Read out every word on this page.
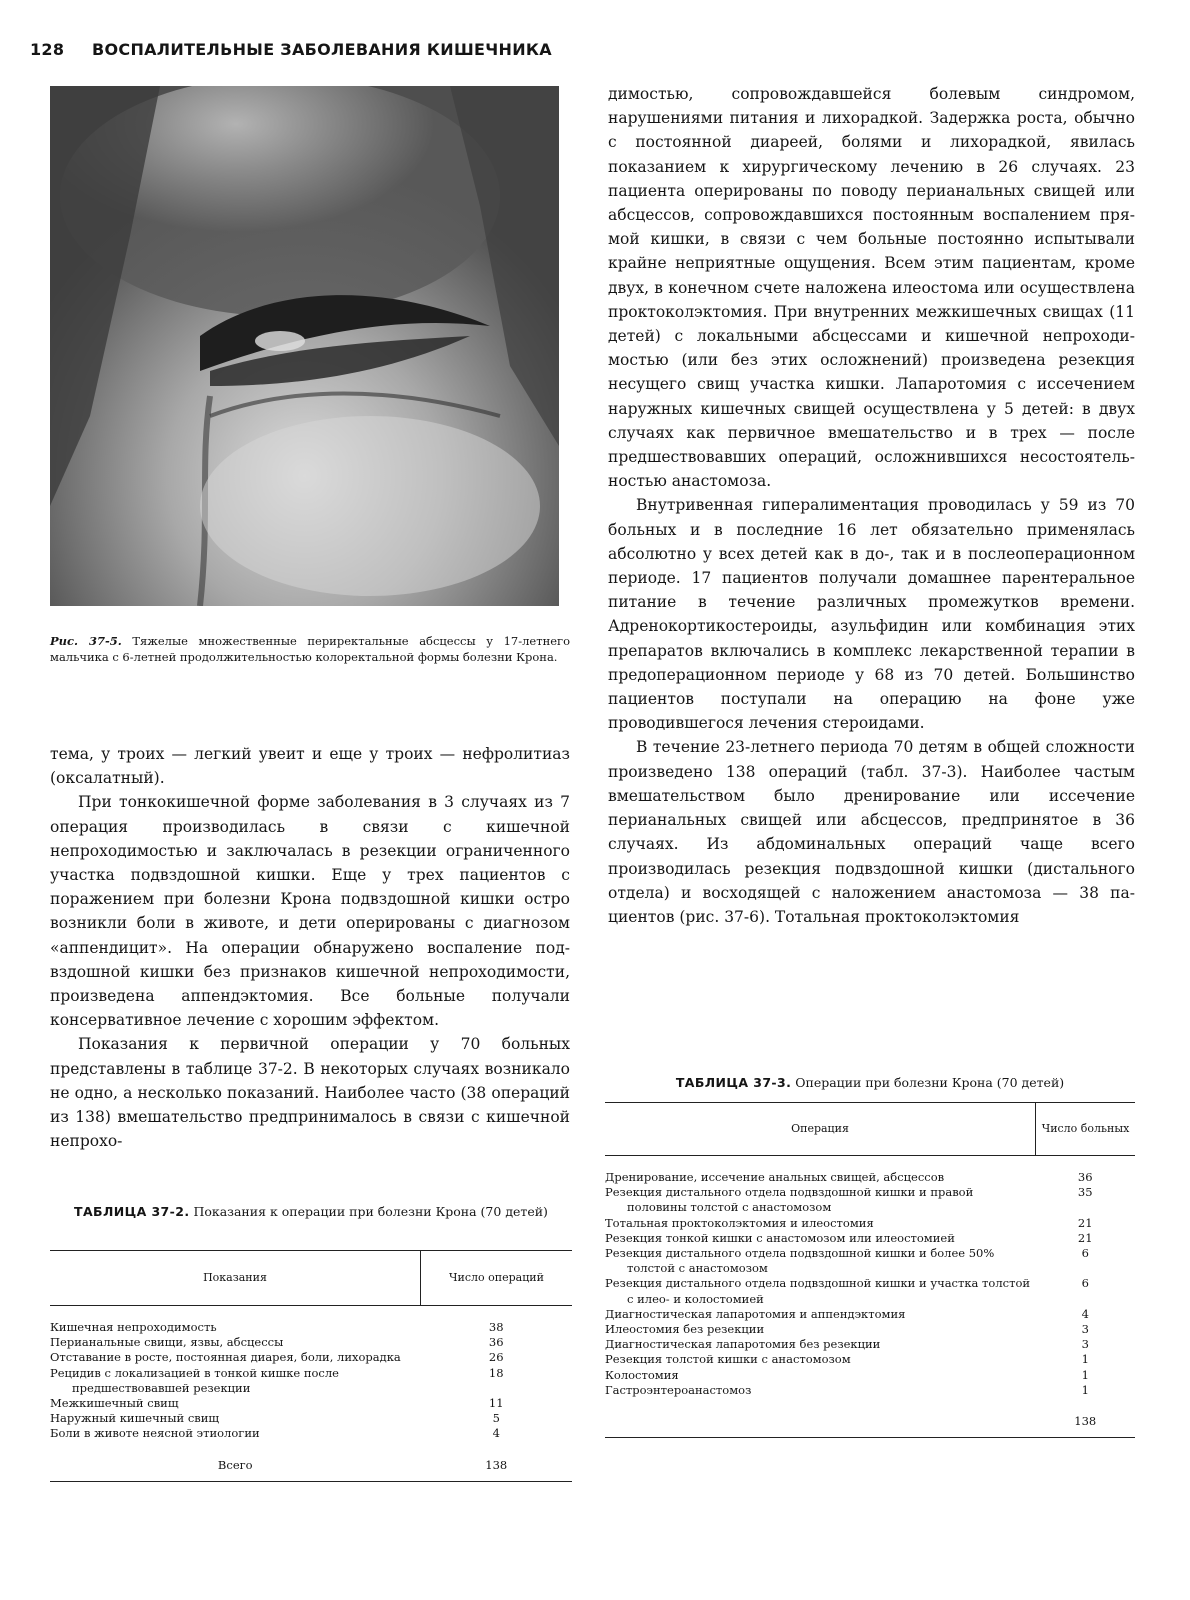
128 ВОСПАЛИТЕЛЬНЫЕ ЗАБОЛЕВАНИЯ КИШЕЧНИКА
Рис. 37-5. Тяжелые множественные периректальные абсцессы у 17-летнего мальчика с 6-летней продолжительностью колоректальной формы болезни Крона.

тема, у троих — легкий увеит и еще у троих — нефролитиаз (оксалатный).

При тонкокишечной форме заболевания в 3 случаях из 7 операция производилась в связи с кишечной непроходимостью и заключалась в резекции ограниченного участка подвздошной кишки. Еще у трех пациентов с поражением при болезни Крона подвздошной кишки остро возникли боли в животе, и дети оперированы с диагнозом «аппендицит». На операции обнаружено воспаление подвздошной кишки без признаков кишечной непроходимости, произведена аппендэктомия. Все больные получали консервативное лечение с хорошим эффектом.

Показания к первичной операции у 70 больных представлены в таблице 37-2. В некоторых случаях возникало не одно, а несколько показаний. Наиболее часто (38 операций из 138) вмешательство предпринималось в связи с кишечной непрохо-

димостью, сопровождавшейся болевым синдромом, нарушениями питания и лихорадкой. Задержка роста, обычно с постоянной диареей, болями и лихорадкой, явилась показанием к хирургическому лечению в 26 случаях. 23 пациента оперированы по поводу перианальных свищей или абсцессов, сопровождавшихся постоянным воспалением прямой кишки, в связи с чем больные постоянно испытывали крайне неприятные ощущения. Всем этим пациентам, кроме двух, в конечном счете наложена илеостома или осуществлена проктоколэктомия. При внутренних межкишечных свищах (11 детей) с локальными абсцессами и кишечной непроходимостью (или без этих осложнений) произведена резекция несущего свищ участка кишки. Лапаротомия с иссечением наружных кишечных свищей осуществлена у 5 детей: в двух случаях как первичное вмешательство и в трех — после предшествовавших операций, осложнившихся несостоятельностью анастомоза.

Внутривенная гипералиментация проводилась у 59 из 70 больных и в последние 16 лет обязательно применялась абсолютно у всех детей как в до-, так и в послеоперационном периоде. 17 пациентов получали домашнее парентеральное питание в течение различных промежутков времени. Адренокортикостероиды, азульфидин или комбинация этих препаратов включались в комплекс лекарственной терапии в предоперационном периоде у 68 из 70 детей. Большинство пациентов поступали на операцию на фоне уже проводившегося лечения стероидами.

В течение 23-летнего периода 70 детям в общей сложности произведено 138 операций (табл. 37-3). Наиболее частым вмешательством было дренирование или иссечение перианальных свищей или абсцессов, предпринятое в 36 случаях. Из абдоминальных операций чаще всего производилась резекция подвздошной кишки (дистального отдела) и восходящей с наложением анастомоза — 38 пациентов (рис. 37-6). Тотальная проктоколэктомия

ТАБЛИЦА 37-2. Показания к операции при болезни Крона (70 детей)
Показания	Число операций

Кишечная непроходимость	38
Перианальные свищи, язвы, абсцессы	36
Отставание в росте, постоянная диарея, боли, лихорадка	26
Рецидив с локализацией в тонкой кишке после предшествовавшей резекции	18
Межкишечный свищ	11
Наружный кишечный свищ	5
Боли в животе неясной этиологии	4
Всего	138
ТАБЛИЦА 37-3. Операции при болезни Крона (70 детей)
Операция	Число больных

Дренирование, иссечение анальных свищей, абсцессов	36
Резекция дистального отдела подвздошной кишки и правой половины толстой с анастомозом	35
Тотальная проктоколэктомия и илеостомия	21
Резекция тонкой кишки с анастомозом или илеостомией	21
Резекция дистального отдела подвздошной кишки и более 50% толстой с анастомозом	6
Резекция дистального отдела подвздошной кишки и участка толстой с илео- и колостомией	6
Диагностическая лапаротомия и аппендэктомия	4
Илеостомия без резекции	3
Диагностическая лапаротомия без резекции	3
Резекция толстой кишки с анастомозом	1
Колостомия	1
Гастроэнтероанастомоз	1
	138
